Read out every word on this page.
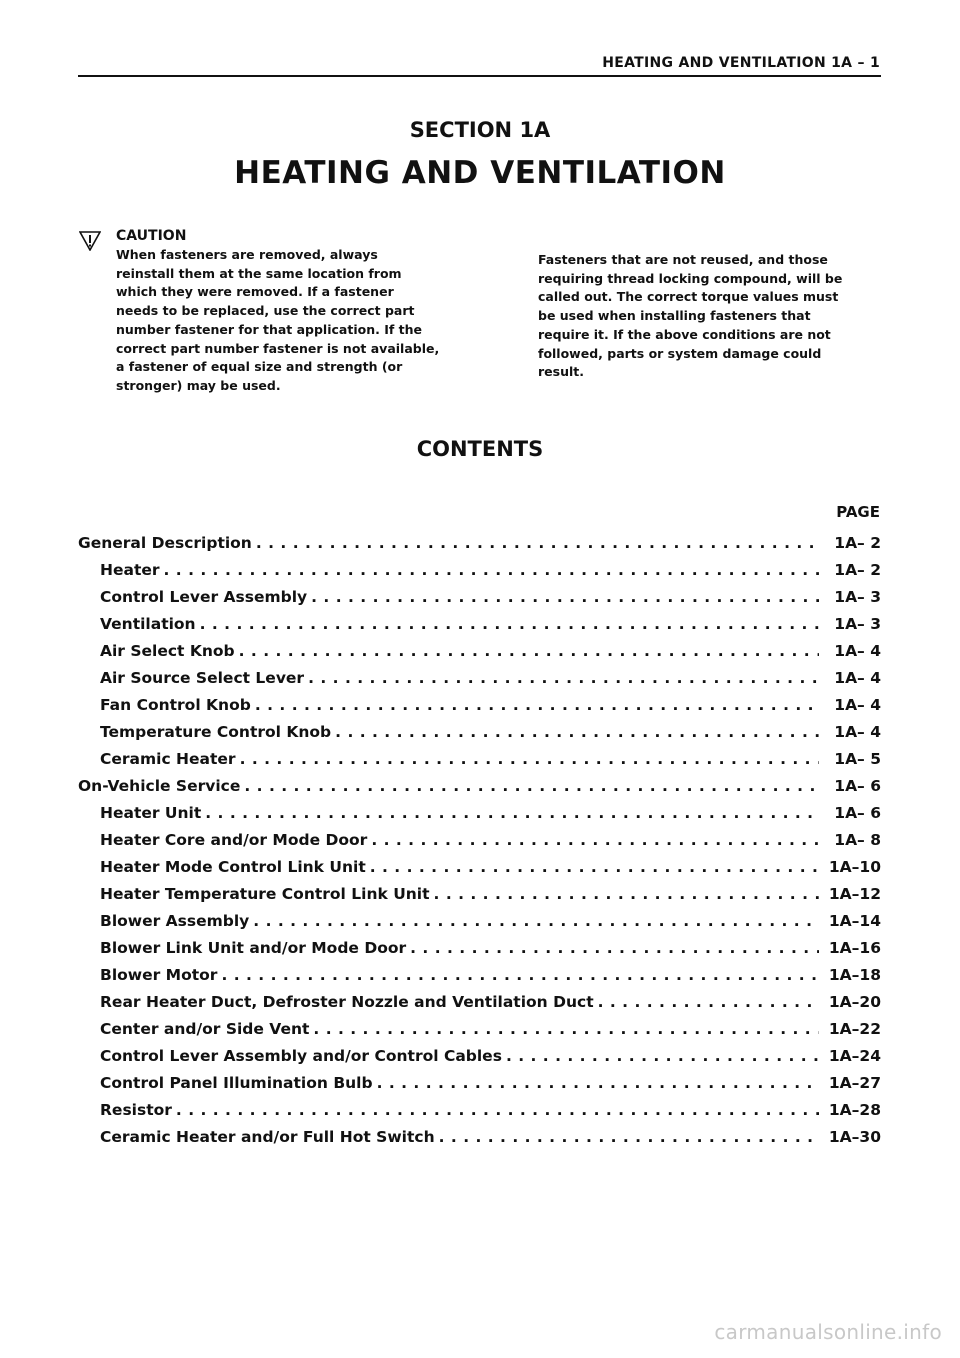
HEATING AND VENTILATION 1A – 1
SECTION 1A
HEATING AND VENTILATION
CAUTION
When fasteners are removed, always
reinstall them at the same location from
which they were removed. If a fastener
needs to be replaced, use the correct part
number fastener for that application. If the
correct part number fastener is not available,
a fastener of equal size and strength (or
stronger) may be used.
Fasteners that are not reused, and those
requiring thread locking compound, will be
called out. The correct torque values must
be used when installing fasteners that
require it. If the above conditions are not
followed, parts or system damage could
result.
CONTENTS
PAGE
General Description . . .	1A– 2
Heater . . .	1A– 2
Control Lever Assembly . . .	1A– 3
Ventilation . . .	1A– 3
Air Select Knob . . .	1A– 4
Air Source Select Lever . . .	1A– 4
Fan Control Knob . . .	1A– 4
Temperature Control Knob . . .	1A– 4
Ceramic Heater . . .	1A– 5
On-Vehicle Service . . .	1A– 6
Heater Unit . . .	1A– 6
Heater Core and/or Mode Door . . .	1A– 8
Heater Mode Control Link Unit . . .	1A–10
Heater Temperature Control Link Unit . . .	1A–12
Blower Assembly . . .	1A–14
Blower Link Unit and/or Mode Door . . .	1A–16
Blower Motor . . .	1A–18
Rear Heater Duct, Defroster Nozzle and Ventilation Duct . . .	1A–20
Center and/or Side Vent . . .	1A–22
Control Lever Assembly and/or Control Cables . . .	1A–24
Control Panel Illumination Bulb . . .	1A–27
Resistor . . .	1A–28
Ceramic Heater and/or Full Hot Switch . . .	1A–30
carmanualsonline.info
